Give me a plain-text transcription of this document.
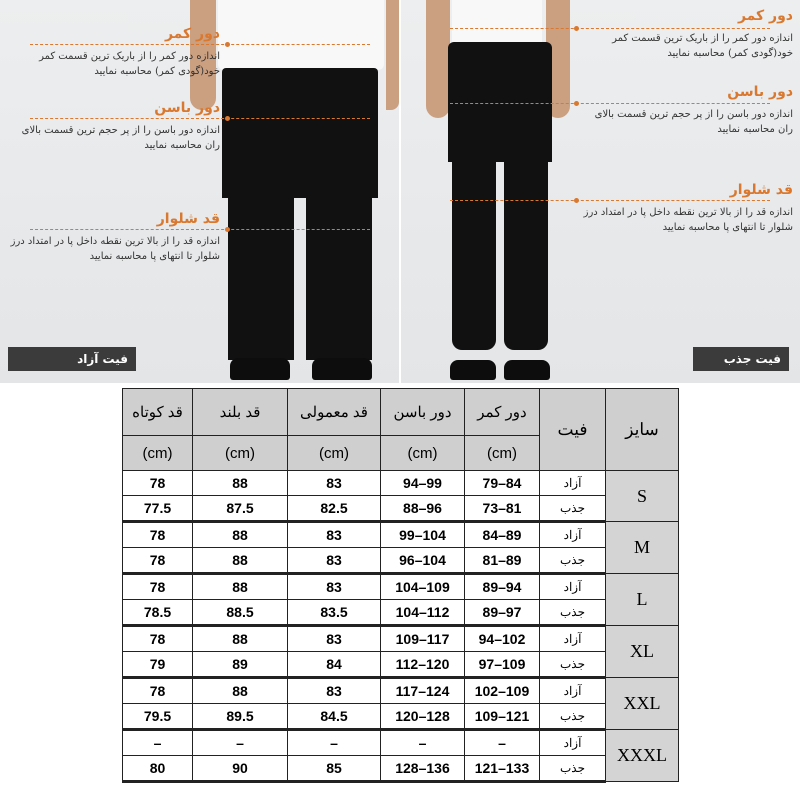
دور کمر
اندازه دور کمر را از باریک ترین قسمت کمر خود(گودی کمر) محاسبه نمایید
دور باسن
اندازه دور باسن را از پر حجم ترین قسمت بالای ران محاسبه نمایید
قد شلوار
اندازه قد را از بالا ترین نقطه داخل پا در امتداد درز شلوار تا انتهای پا محاسبه نمایید
دور کمر
اندازه دور کمر را از باریک ترین قسمت کمر خود(گودی کمر) محاسبه نمایید
دور باسن
اندازه دور باسن را از پر حجم ترین قسمت بالای ران محاسبه نمایید
قد شلوار
اندازه قد را از بالا ترین نقطه داخل پا در امتداد درز شلوار تا انتهای پا محاسبه نمایید
فیت آزاد	فیت جذب
قد کوتاه	قد بلند	قد معمولی	دور باسن	دور کمر	فیت	سایز
(cm)	(cm)	(cm)	(cm)	(cm)		
78	88	83	94–99	79–84	آزاد	S
77.5	87.5	82.5	88–96	73–81	جذب	
78	88	83	99–104	84–89	آزاد	M
78	88	83	96–104	81–89	جذب	
78	88	83	104–109	89–94	آزاد	L
78.5	88.5	83.5	104–112	89–97	جذب	
78	88	83	109–117	94–102	آزاد	XL
79	89	84	112–120	97–109	جذب	
78	88	83	117–124	102–109	آزاد	XXL
79.5	89.5	84.5	120–128	109–121	جذب	
–	–	–	–	–	آزاد	XXXL
80	90	85	128–136	121–133	جذب	
